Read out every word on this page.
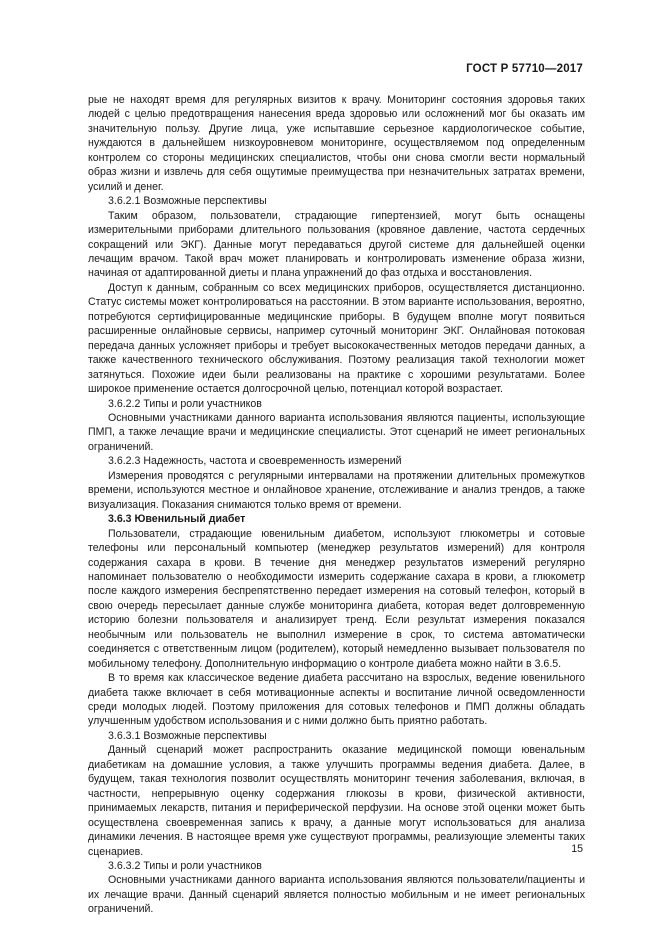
ГОСТ Р 57710—2017
рые не находят время для регулярных визитов к врачу. Мониторинг состояния здоровья таких людей с целью предотвращения нанесения вреда здоровью или осложнений мог бы оказать им значительную пользу. Другие лица, уже испытавшие серьезное кардиологическое событие, нуждаются в дальнейшем низкоуровневом мониторинге, осуществляемом под определенным контролем со стороны медицинских специалистов, чтобы они снова смогли вести нормальный образ жизни и извлечь для себя ощутимые преимущества при незначительных затратах времени, усилий и денег.
3.6.2.1 Возможные перспективы
Таким образом, пользователи, страдающие гипертензией, могут быть оснащены измерительными приборами длительного пользования (кровяное давление, частота сердечных сокращений или ЭКГ). Данные могут передаваться другой системе для дальнейшей оценки лечащим врачом. Такой врач может планировать и контролировать изменение образа жизни, начиная от адаптированной диеты и плана упражнений до фаз отдыха и восстановления.
Доступ к данным, собранным со всех медицинских приборов, осуществляется дистанционно. Статус системы может контролироваться на расстоянии. В этом варианте использования, вероятно, потребуются сертифицированные медицинские приборы. В будущем вполне могут появиться расширенные онлайновые сервисы, например суточный мониторинг ЭКГ. Онлайновая потоковая передача данных усложняет приборы и требует высококачественных методов передачи данных, а также качественного технического обслуживания. Поэтому реализация такой технологии может затянуться. Похожие идеи были реализованы на практике с хорошими результатами. Более широкое применение остается долгосрочной целью, потенциал которой возрастает.
3.6.2.2 Типы и роли участников
Основными участниками данного варианта использования являются пациенты, использующие ПМП, а также лечащие врачи и медицинские специалисты. Этот сценарий не имеет региональных ограничений.
3.6.2.3 Надежность, частота и своевременность измерений
Измерения проводятся с регулярными интервалами на протяжении длительных промежутков времени, используются местное и онлайновое хранение, отслеживание и анализ трендов, а также визуализация. Показания снимаются только время от времени.
3.6.3 Ювенильный диабет
Пользователи, страдающие ювенильным диабетом, используют глюкометры и сотовые телефоны или персональный компьютер (менеджер результатов измерений) для контроля содержания сахара в крови. В течение дня менеджер результатов измерений регулярно напоминает пользователю о необходимости измерить содержание сахара в крови, а глюкометр после каждого измерения беспрепятственно передает измерения на сотовый телефон, который в свою очередь пересылает данные службе мониторинга диабета, которая ведет долговременную историю болезни пользователя и анализирует тренд. Если результат измерения показался необычным или пользователь не выполнил измерение в срок, то система автоматически соединяется с ответственным лицом (родителем), который немедленно вызывает пользователя по мобильному телефону. Дополнительную информацию о контроле диабета можно найти в 3.6.5.
В то время как классическое ведение диабета рассчитано на взрослых, ведение ювенильного диабета также включает в себя мотивационные аспекты и воспитание личной осведомленности среди молодых людей. Поэтому приложения для сотовых телефонов и ПМП должны обладать улучшенным удобством использования и с ними должно быть приятно работать.
3.6.3.1 Возможные перспективы
Данный сценарий может распространить оказание медицинской помощи ювенальным диабетикам на домашние условия, а также улучшить программы ведения диабета. Далее, в будущем, такая технология позволит осуществлять мониторинг течения заболевания, включая, в частности, непрерывную оценку содержания глюкозы в крови, физической активности, принимаемых лекарств, питания и периферической перфузии. На основе этой оценки может быть осуществлена своевременная запись к врачу, а данные могут использоваться для анализа динамики лечения. В настоящее время уже существуют программы, реализующие элементы таких сценариев.
3.6.3.2 Типы и роли участников
Основными участниками данного варианта использования являются пользователи/пациенты и их лечащие врачи. Данный сценарий является полностью мобильным и не имеет региональных ограничений.
15
